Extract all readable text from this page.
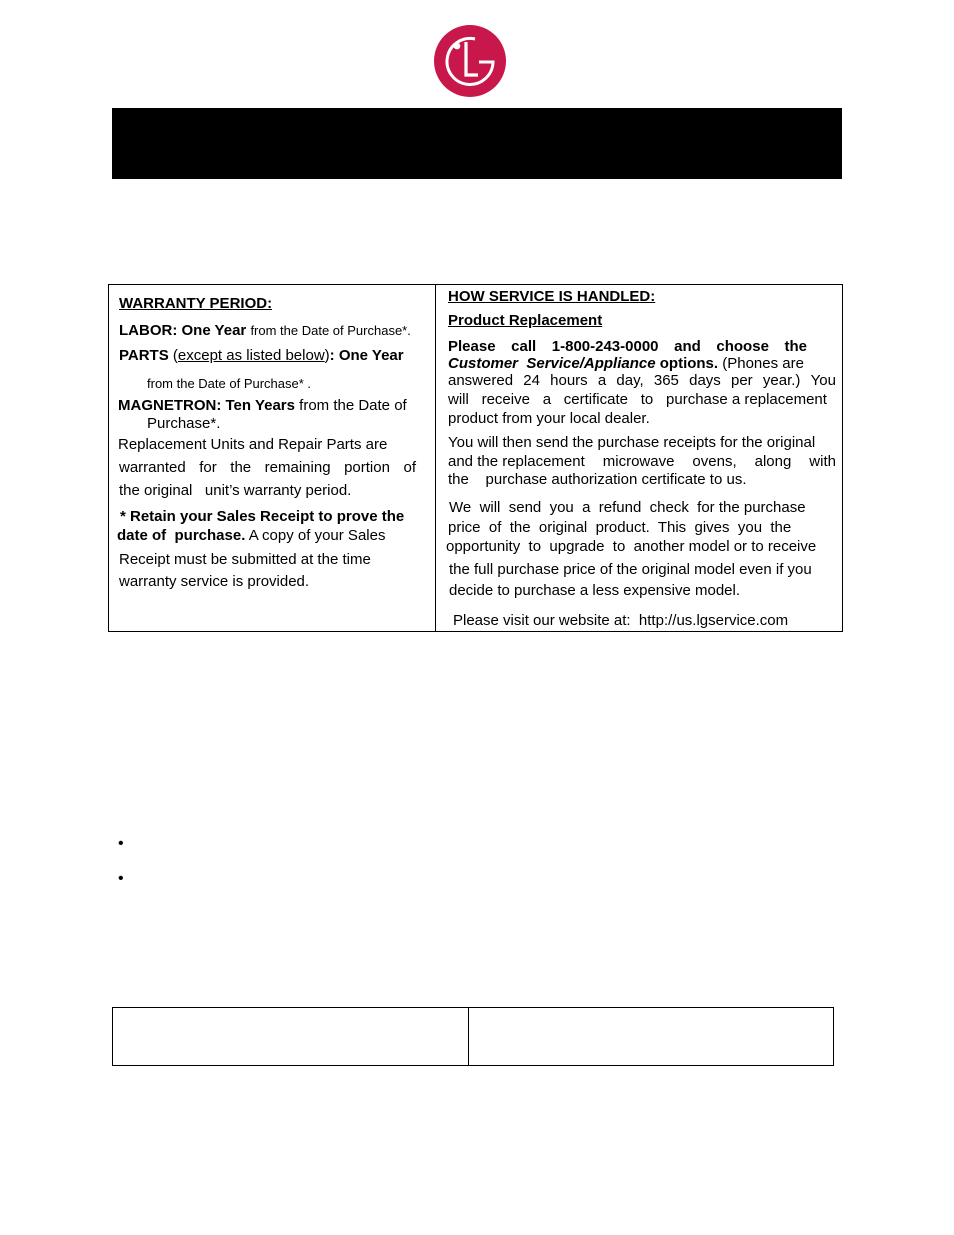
WARRANTY PERIOD:
LABOR: One Year from the Date of Purchase*.
PARTS (except as listed below): One Year
from the Date of Purchase* .
MAGNETRON: Ten Years from the Date of
Purchase*.
Replacement Units and Repair Parts are
warranted for the remaining portion of
the original   unit’s warranty period.
* Retain your Sales Receipt to prove the
date of  purchase. A copy of your Sales
Receipt must be submitted at the time
warranty service is provided.
HOW SERVICE IS HANDLED:
Product Replacement
Please call 1-800-243-0000 and choose the
Customer  Service/Appliance options. (Phones are
answered 24 hours a day, 365 days per year.) You
will receive a certificate to purchase a replacement
product from your local dealer.
You will then send the purchase receipts for the original
and the replacement microwave ovens, along with
the    purchase authorization certificate to us.
We  will  send  you  a  refund  check  for the purchase
price  of  the  original  product.  This  gives  you  the
opportunity  to  upgrade  to  another model or to receive
the full purchase price of the original model even if you
decide to purchase a less expensive model.
Please visit our website at:  http://us.lgservice.com
•
•
